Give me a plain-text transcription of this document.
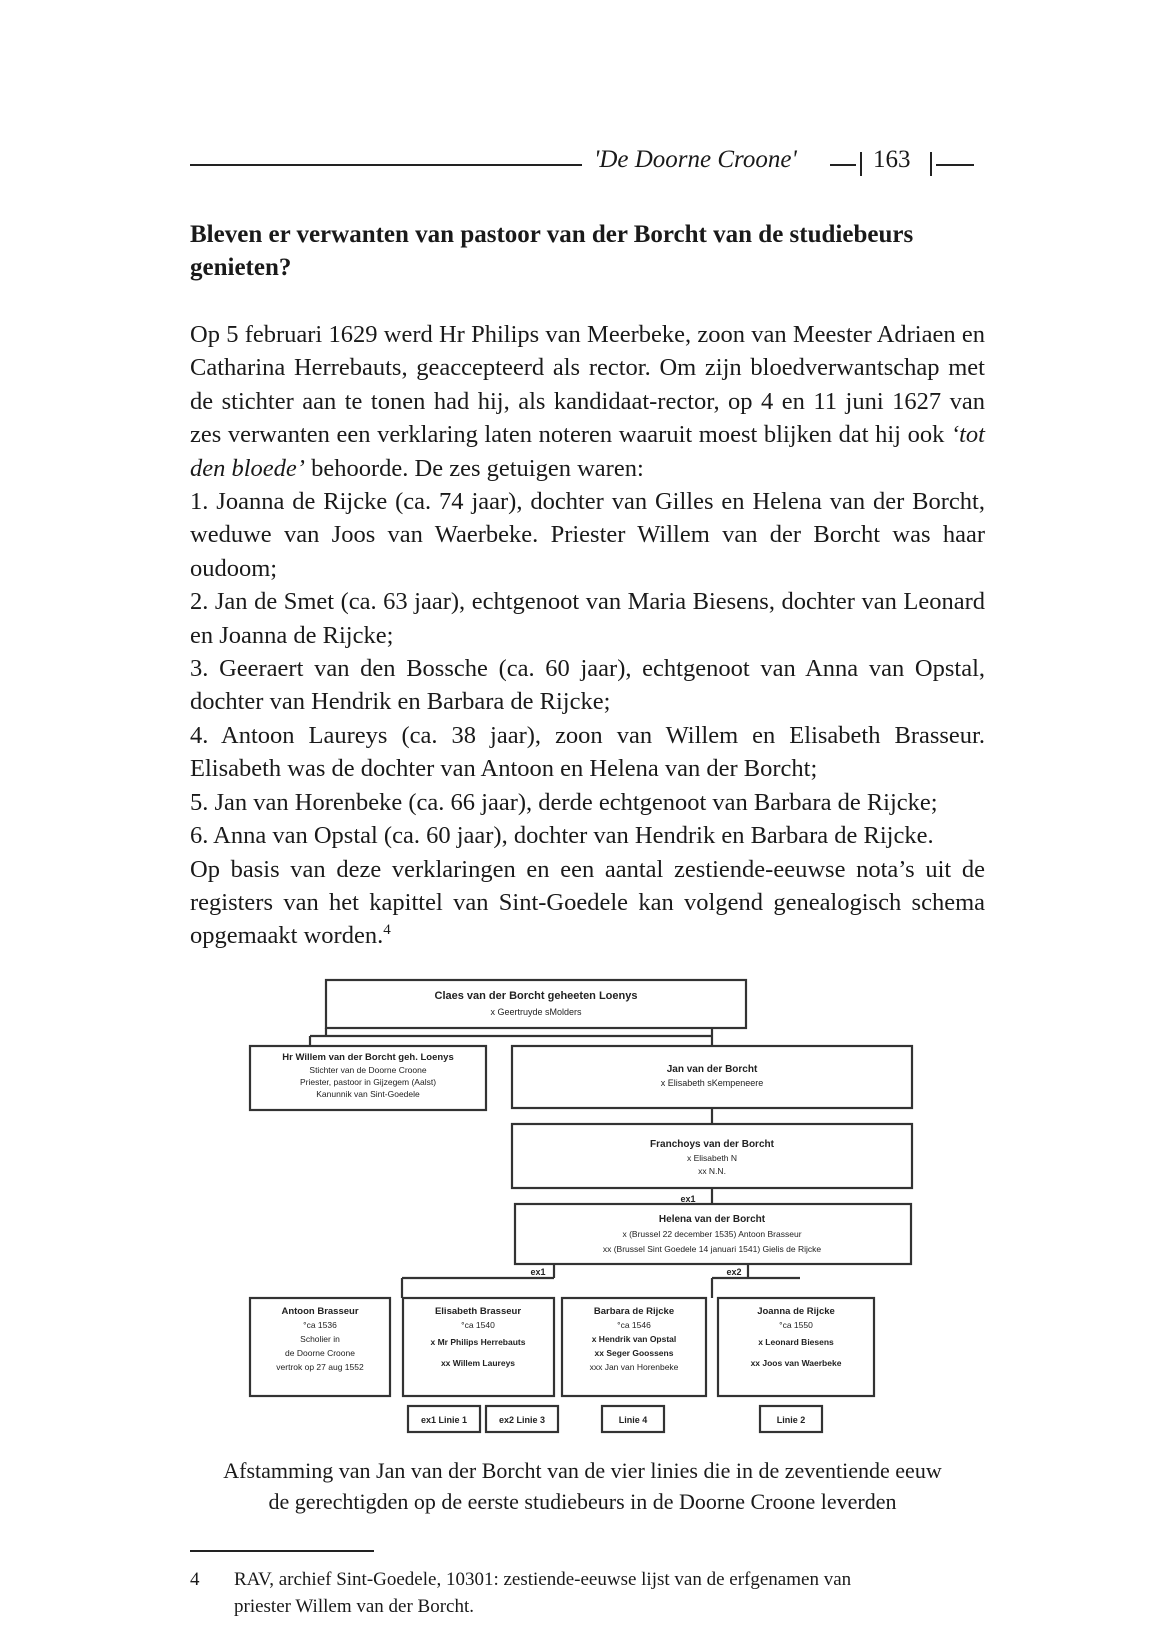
'De Doorne Croone'	163
Bleven er verwanten van pastoor van der Borcht van de studiebeurs
genieten?

Op 5 februari 1629 werd Hr Philips van Meerbeke, zoon van Meester Adriaen en Catharina Herrebauts, geaccepteerd als rector. Om zijn bloedverwantschap met de stichter aan te tonen had hij, als kandidaat-rector, op 4 en 11 juni 1627 van zes verwanten een verklaring laten noteren waaruit moest blijken dat hij ook ‘tot den bloede’ behoorde. De zes getuigen waren:

1. Joanna de Rijcke (ca. 74 jaar), dochter van Gilles en Helena van der Borcht, weduwe van Joos van Waerbeke. Priester Willem van der Borcht was haar oudoom;

2. Jan de Smet (ca. 63 jaar), echtgenoot van Maria Biesens, dochter van Leonard en Joanna de Rijcke;

3. Geeraert van den Bossche (ca. 60 jaar), echtgenoot van Anna van Opstal, dochter van Hendrik en Barbara de Rijcke;

4. Antoon Laureys (ca. 38 jaar), zoon van Willem en Elisabeth Brasseur. Elisabeth was de dochter van Antoon en Helena van der Borcht;

5. Jan van Horenbeke (ca. 66 jaar), derde echtgenoot van Barbara de Rijcke;

6. Anna van Opstal (ca. 60 jaar), dochter van Hendrik en Barbara de Rijcke.

Op basis van deze verklaringen en een aantal zestiende-eeuwse nota’s uit de registers van het kapittel van Sint-Goedele kan volgend genealogisch schema opgemaakt worden.$^4$

Claes van der Borcht geheeten Loenys
x Geertruyde sMolders
Hr Willem van der Borcht geh. Loenys
Stichter van de Doorne Croone
Priester, pastoor in Gijzegem (Aalst)
Kanunnik van Sint-Goedele
Jan van der Borcht
x Elisabeth sKempeneere
Franchoys van der Borcht
x Elisabeth N
xx N.N.
ex1
Helena van der Borcht
x (Brussel 22 december 1535) Antoon Brasseur
xx (Brussel Sint Goedele 14 januari 1541) Gielis de Rijcke
ex1	ex2
Antoon Brasseur
°ca 1536
Scholier in
de Doorne Croone
vertrok op 27 aug 1552
Elisabeth Brasseur
°ca 1540
x Mr Philips Herrebauts
xx Willem Laureys
Barbara de Rijcke
°ca 1546
x Hendrik van Opstal
xx Seger Goossens
xxx Jan van Horenbeke
Joanna de Rijcke
°ca 1550
x Leonard Biesens
xx Joos van Waerbeke
ex1 Linie 1	ex2 Linie 3	Linie 4	Linie 2
Afstamming van Jan van der Borcht van de vier linies die in de zeventiende eeuw
de gerechtigden op de eerste studiebeurs in de Doorne Croone leverden
4 RAV, archief Sint-Goedele, 10301: zestiende-eeuwse lijst van de erfgenamen van
priester Willem van der Borcht.
